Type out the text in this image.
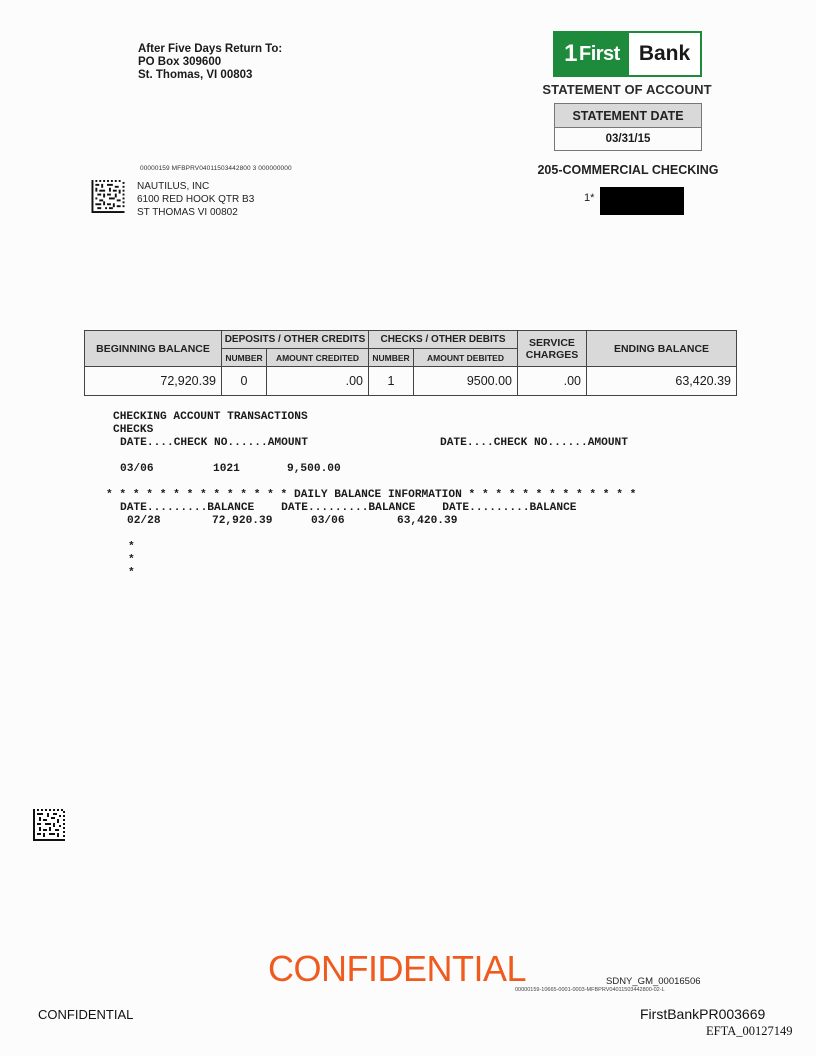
After Five Days Return To:
PO Box 309600
St. Thomas, VI 00803
1 First Bank
STATEMENT OF ACCOUNT
STATEMENT DATE
03/31/15
205-COMMERCIAL CHECKING
1*
00000159 MFBPRV04011503442800 3 000000000
NAUTILUS, INC
6100 RED HOOK QTR B3
ST THOMAS VI 00802
BEGINNING BALANCE	DEPOSITS / OTHER CREDITS		CHECKS / OTHER DEBITS		SERVICE
CHARGES	ENDING BALANCE
	NUMBER	AMOUNT CREDITED	NUMBER	AMOUNT DEBITED		
72,920.39	0	.00	1	9500.00	.00	63,420.39
CHECKING ACCOUNT TRANSACTIONS
CHECKS
DATE....CHECK NO......AMOUNT	DATE....CHECK NO......AMOUNT
03/06	1021	9,500.00
* * * * * * * * * * * * * * DAILY BALANCE INFORMATION * * * * * * * * * * * * *
DATE.........BALANCE    DATE.........BALANCE    DATE.........BALANCE
02/28	72,920.39	03/06	63,420.39
*
*
*
CONFIDENTIAL	SDNY_GM_00016506
00000159-10665-0001-0003-MFBPRV04011503442800-02-L
CONFIDENTIAL	FirstBankPR003669
EFTA_00127149
